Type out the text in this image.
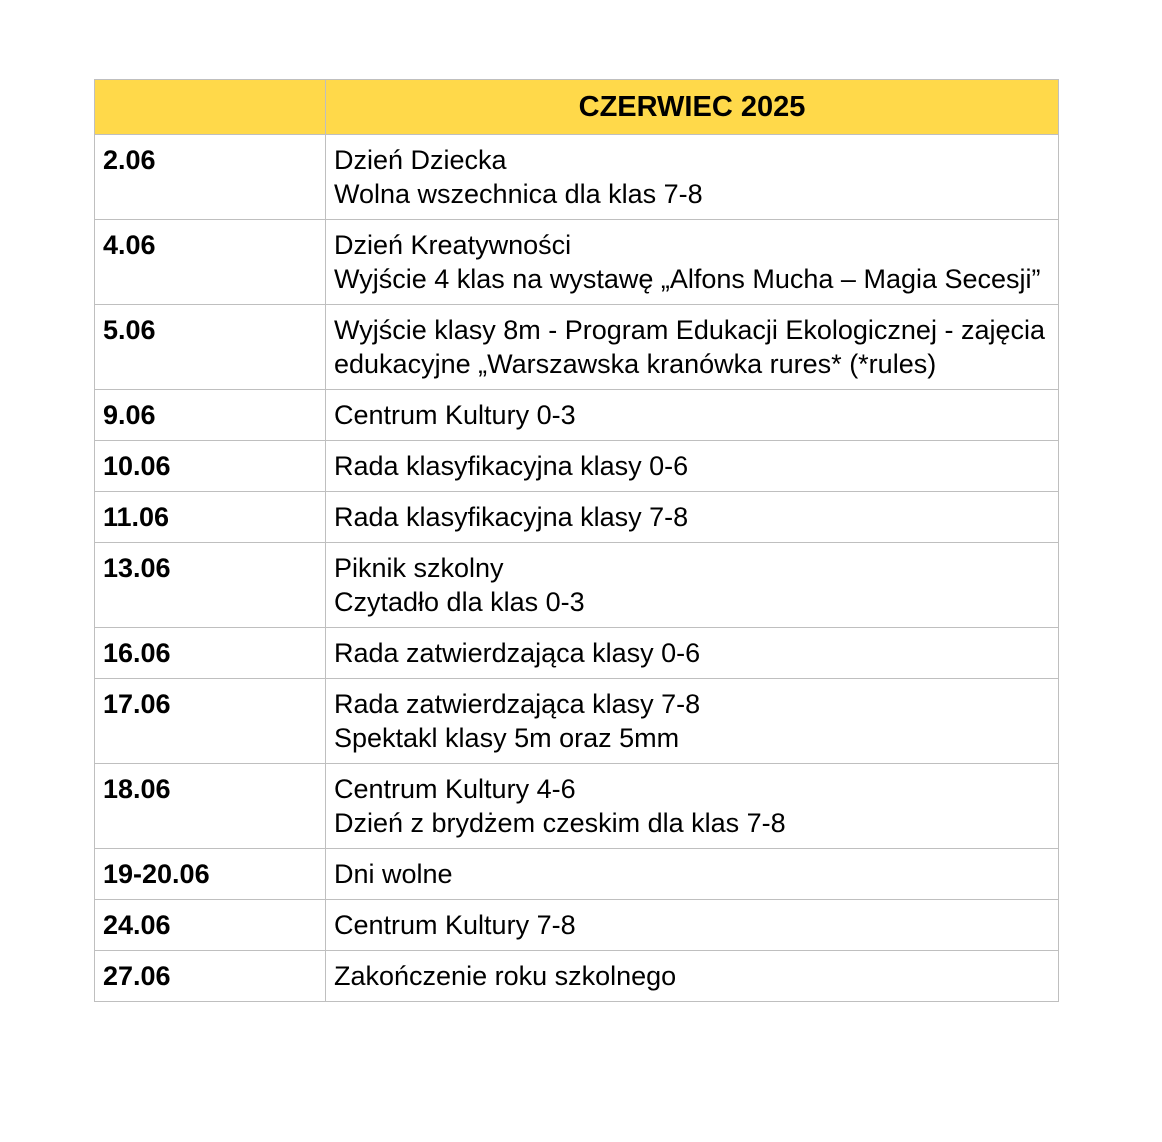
	CZERWIEC 2025
2.06	Dzień Dziecka
Wolna wszechnica dla klas 7-8

4.06	Dzień Kreatywności
Wyjście 4 klas na wystawę „Alfons Mucha – Magia Secesji”

5.06	Wyjście klasy 8m - Program Edukacji Ekologicznej - zajęcia edukacyjne „Warszawska kranówka rures* (*rules)

9.06	Centrum Kultury 0-3

10.06	Rada klasyfikacyjna klasy 0-6

11.06	Rada klasyfikacyjna klasy 7-8

13.06	Piknik szkolny
Czytadło dla klas 0-3

16.06	Rada zatwierdzająca klasy 0-6

17.06	Rada zatwierdzająca klasy 7-8
Spektakl klasy 5m oraz 5mm

18.06	Centrum Kultury 4-6
Dzień z brydżem czeskim dla klas 7-8

19-20.06	Dni wolne

24.06	Centrum Kultury 7-8

27.06	Zakończenie roku szkolnego
